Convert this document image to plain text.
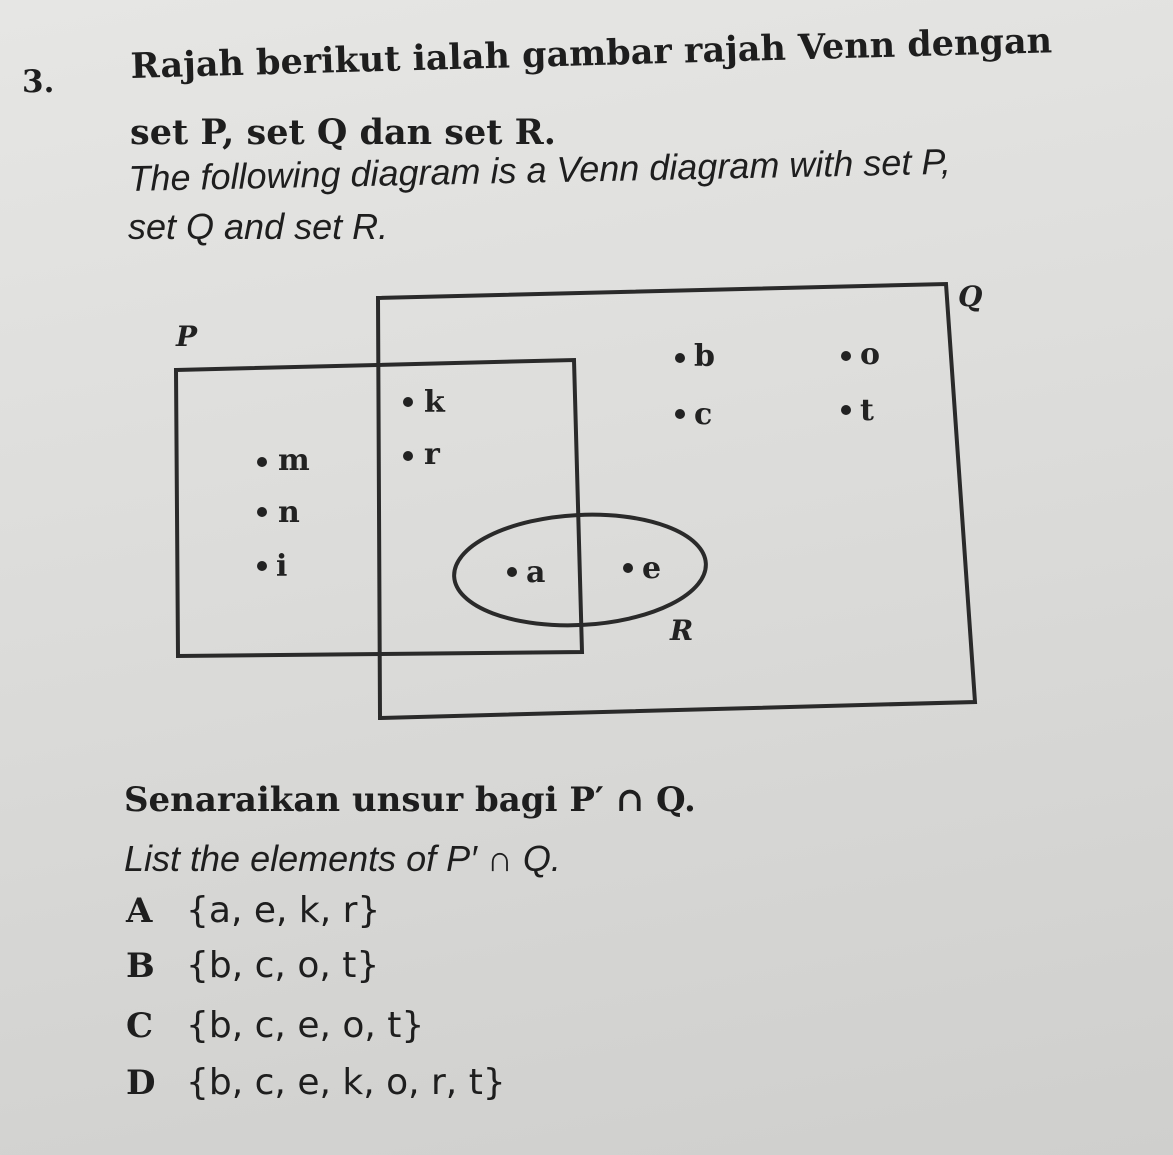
3. Rajah berikut ialah gambar rajah Venn dengan
set P, set Q dan set R.
The following diagram is a Venn diagram with set P,
set Q and set R.
P
Q
R
m
n
i
k
r
a	e
b
c
o
t
Senaraikan unsur bagi P′ ∩ Q.
List the elements of P′ ∩ Q.
A {a, e, k, r}
B {b, c, o, t}
C {b, c, e, o, t}
D {b, c, e, k, o, r, t}
